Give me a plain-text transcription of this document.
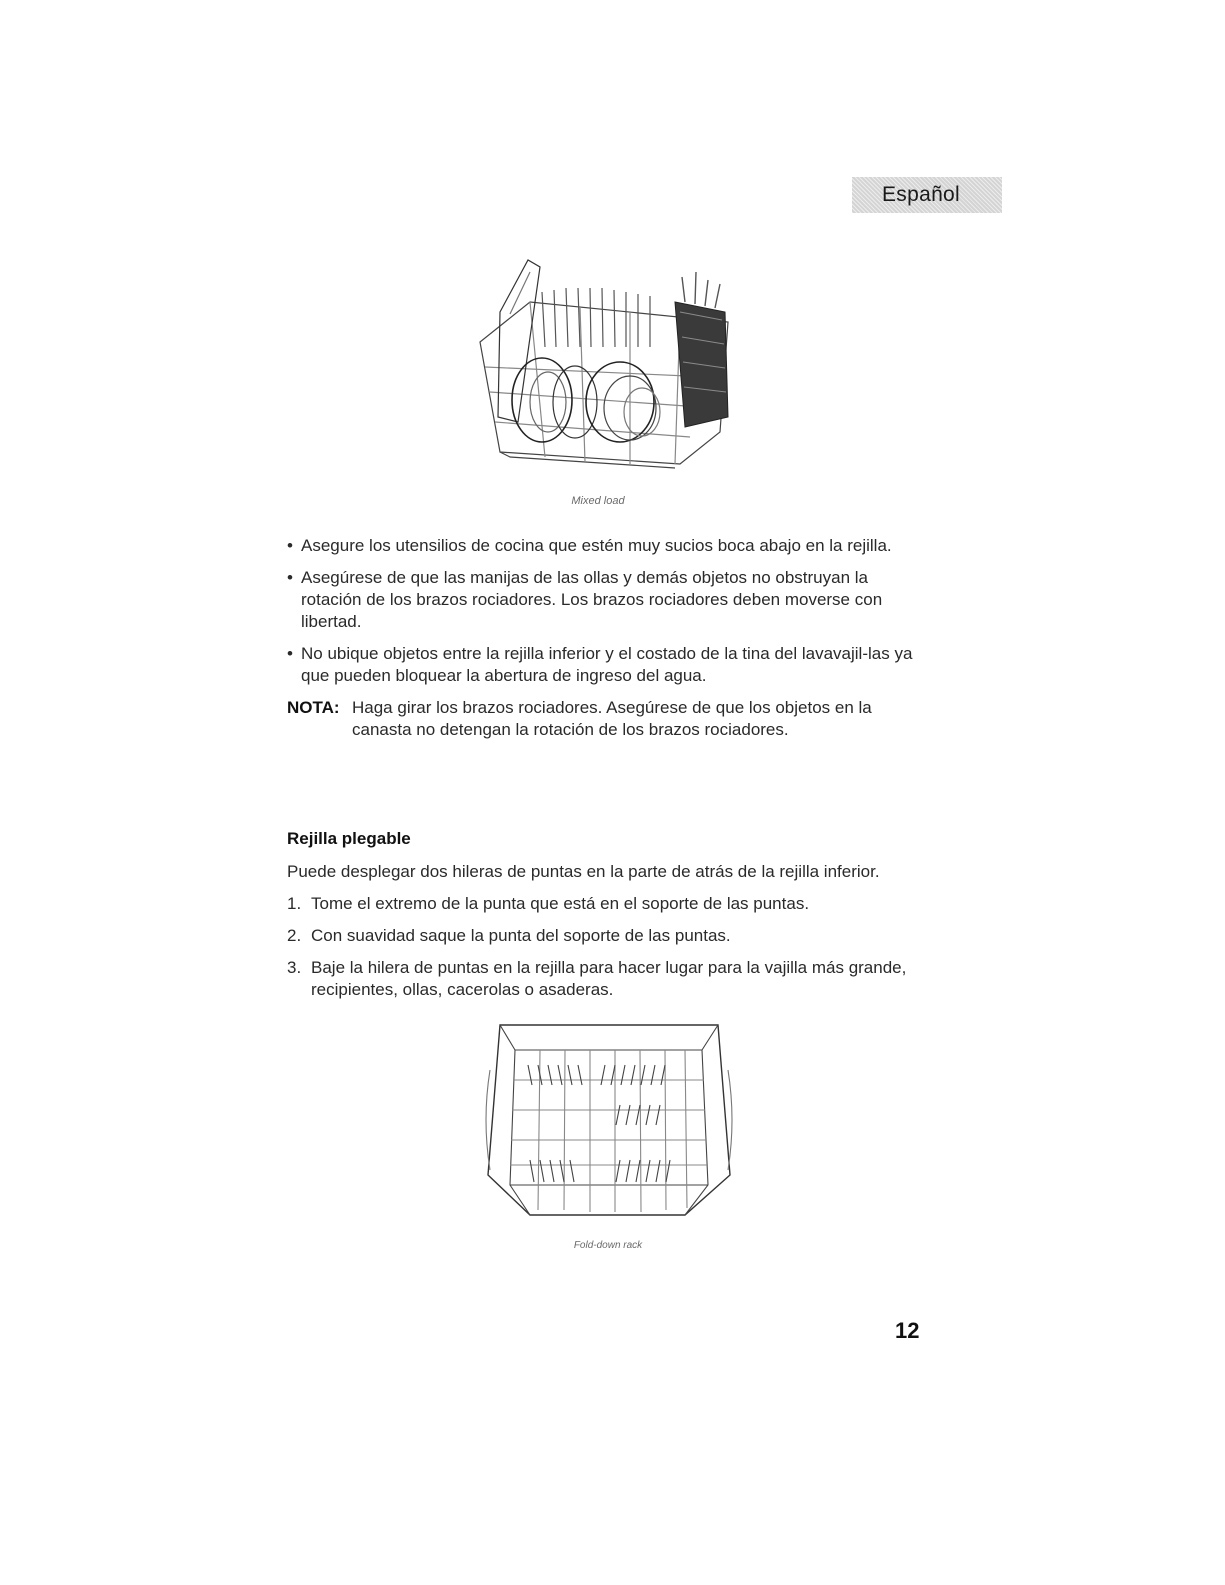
Español
Mixed load
• Asegure los utensilios de cocina que estén muy sucios boca abajo en la rejilla.
• Asegúrese de que las manijas de las ollas y demás objetos no obstruyan la rotación de los brazos rociadores. Los brazos rociadores deben moverse con libertad.
• No ubique objetos entre la rejilla inferior y el costado de la tina del lavavajil-las ya que pueden bloquear la abertura de ingreso del agua.
NOTA: Haga girar los brazos rociadores. Asegúrese de que los objetos en la canasta no detengan la rotación de los brazos rociadores.
Rejilla plegable
Puede desplegar dos hileras de puntas en la parte de atrás de la rejilla inferior.
1. Tome el extremo de la punta que está en el soporte de las puntas.
2. Con suavidad saque la punta del soporte de las puntas.
3. Baje la hilera de puntas en la rejilla para hacer lugar para la vajilla más grande, recipientes, ollas, cacerolas o asaderas.
Fold-down rack
12
